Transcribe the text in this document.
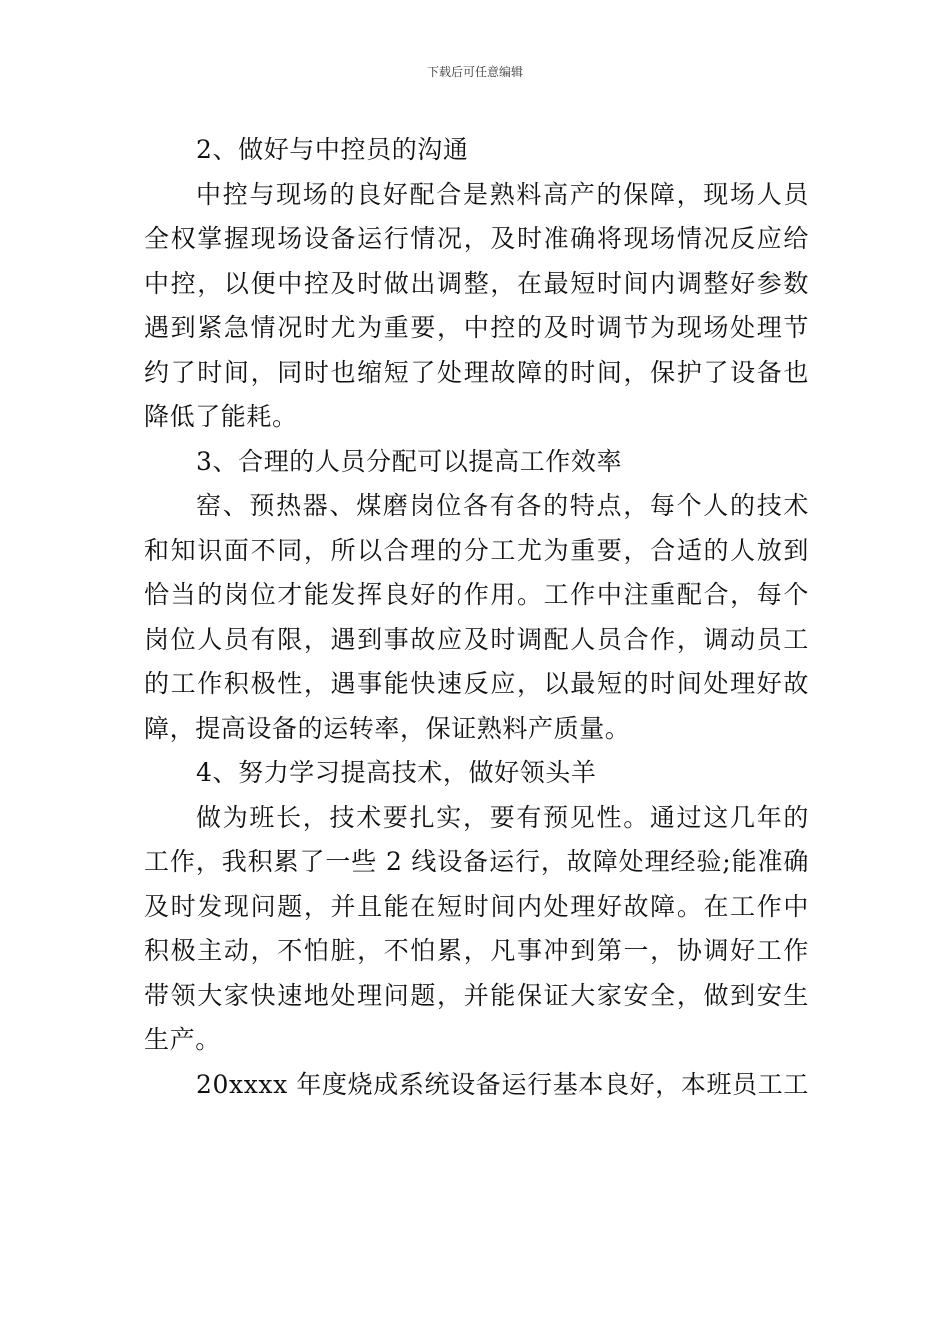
下载后可任意编辑
2、做好与中控员的沟通
中控与现场的良好配合是熟料高产的保障，现场人员
全权掌握现场设备运行情况，及时准确将现场情况反应给
中控，以便中控及时做出调整，在最短时间内调整好参数
遇到紧急情况时尤为重要，中控的及时调节为现场处理节
约了时间，同时也缩短了处理故障的时间，保护了设备也
降低了能耗。
3、合理的人员分配可以提高工作效率
窑、预热器、煤磨岗位各有各的特点，每个人的技术
和知识面不同，所以合理的分工尤为重要，合适的人放到
恰当的岗位才能发挥良好的作用。工作中注重配合，每个
岗位人员有限，遇到事故应及时调配人员合作，调动员工
的工作积极性，遇事能快速反应，以最短的时间处理好故
障，提高设备的运转率，保证熟料产质量。
4、努力学习提高技术，做好领头羊
做为班长，技术要扎实，要有预见性。通过这几年的
工作，我积累了一些 2 线设备运行，故障处理经验;能准确
及时发现问题，并且能在短时间内处理好故障。在工作中
积极主动，不怕脏，不怕累，凡事冲到第一，协调好工作
带领大家快速地处理问题，并能保证大家安全，做到安生
生产。
20xxxx 年度烧成系统设备运行基本良好，本班员工工
